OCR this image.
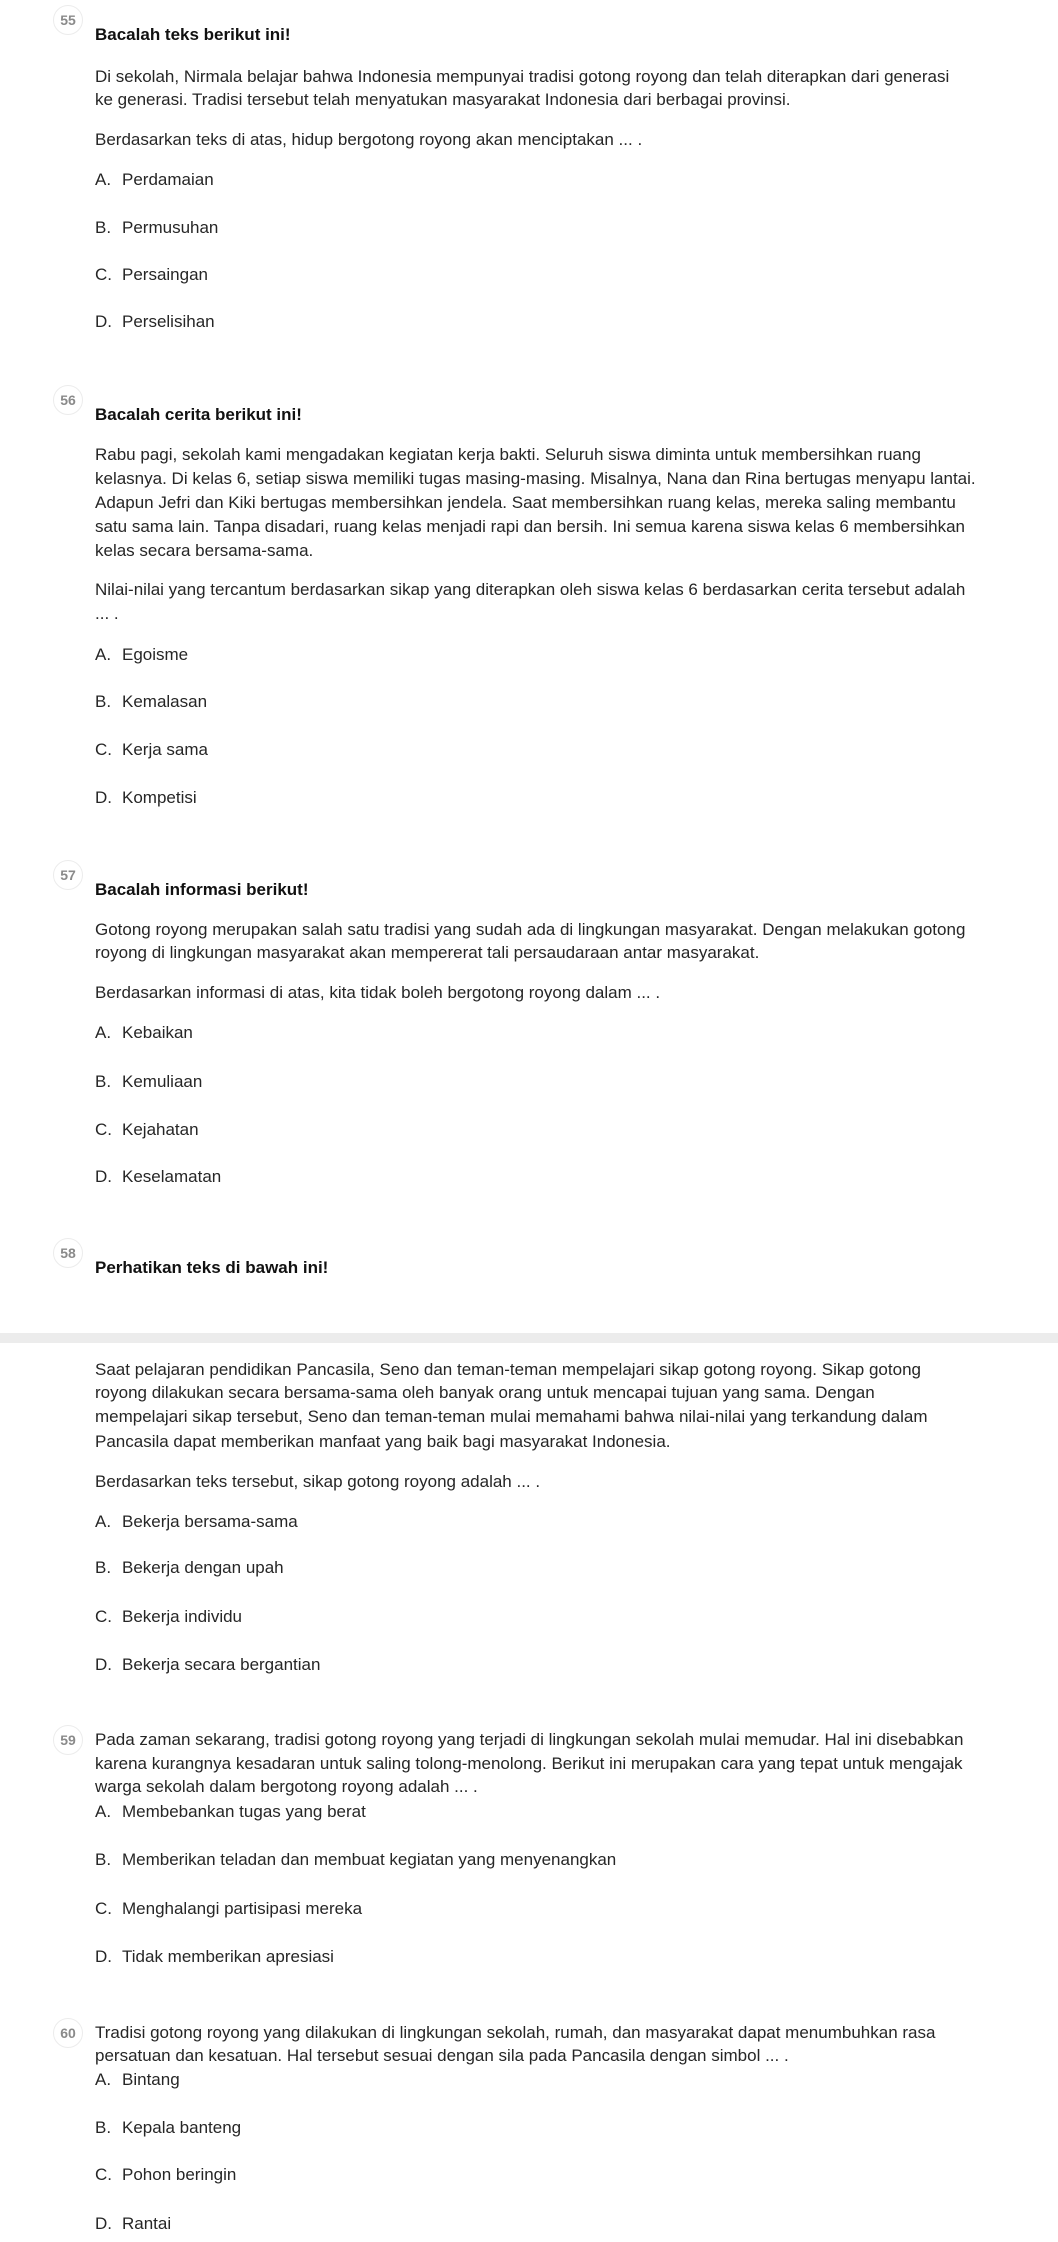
55
Bacalah teks berikut ini!
Di sekolah, Nirmala belajar bahwa Indonesia mempunyai tradisi gotong royong dan telah diterapkan dari generasi
ke generasi. Tradisi tersebut telah menyatukan masyarakat Indonesia dari berbagai provinsi.
Berdasarkan teks di atas, hidup bergotong royong akan menciptakan ... .
A. Perdamaian
B. Permusuhan
C. Persaingan
D. Perselisihan
56
Bacalah cerita berikut ini!
Rabu pagi, sekolah kami mengadakan kegiatan kerja bakti. Seluruh siswa diminta untuk membersihkan ruang
kelasnya. Di kelas 6, setiap siswa memiliki tugas masing-masing. Misalnya, Nana dan Rina bertugas menyapu lantai.
Adapun Jefri dan Kiki bertugas membersihkan jendela. Saat membersihkan ruang kelas, mereka saling membantu
satu sama lain. Tanpa disadari, ruang kelas menjadi rapi dan bersih. Ini semua karena siswa kelas 6 membersihkan
kelas secara bersama-sama.
Nilai-nilai yang tercantum berdasarkan sikap yang diterapkan oleh siswa kelas 6 berdasarkan cerita tersebut adalah
... .
A. Egoisme
B. Kemalasan
C. Kerja sama
D. Kompetisi
57
Bacalah informasi berikut!
Gotong royong merupakan salah satu tradisi yang sudah ada di lingkungan masyarakat. Dengan melakukan gotong
royong di lingkungan masyarakat akan mempererat tali persaudaraan antar masyarakat.
Berdasarkan informasi di atas, kita tidak boleh bergotong royong dalam ... .
A. Kebaikan
B. Kemuliaan
C. Kejahatan
D. Keselamatan
58
Perhatikan teks di bawah ini!
Saat pelajaran pendidikan Pancasila, Seno dan teman-teman mempelajari sikap gotong royong. Sikap gotong
royong dilakukan secara bersama-sama oleh banyak orang untuk mencapai tujuan yang sama. Dengan
mempelajari sikap tersebut, Seno dan teman-teman mulai memahami bahwa nilai-nilai yang terkandung dalam
Pancasila dapat memberikan manfaat yang baik bagi masyarakat Indonesia.
Berdasarkan teks tersebut, sikap gotong royong adalah ... .
A. Bekerja bersama-sama
B. Bekerja dengan upah
C. Bekerja individu
D. Bekerja secara bergantian
59	Pada zaman sekarang, tradisi gotong royong yang terjadi di lingkungan sekolah mulai memudar. Hal ini disebabkan
karena kurangnya kesadaran untuk saling tolong-menolong. Berikut ini merupakan cara yang tepat untuk mengajak
warga sekolah dalam bergotong royong adalah ... .
A. Membebankan tugas yang berat
B. Memberikan teladan dan membuat kegiatan yang menyenangkan
C. Menghalangi partisipasi mereka
D. Tidak memberikan apresiasi
60	Tradisi gotong royong yang dilakukan di lingkungan sekolah, rumah, dan masyarakat dapat menumbuhkan rasa
persatuan dan kesatuan. Hal tersebut sesuai dengan sila pada Pancasila dengan simbol ... .
A. Bintang
B. Kepala banteng
C. Pohon beringin
D. Rantai
